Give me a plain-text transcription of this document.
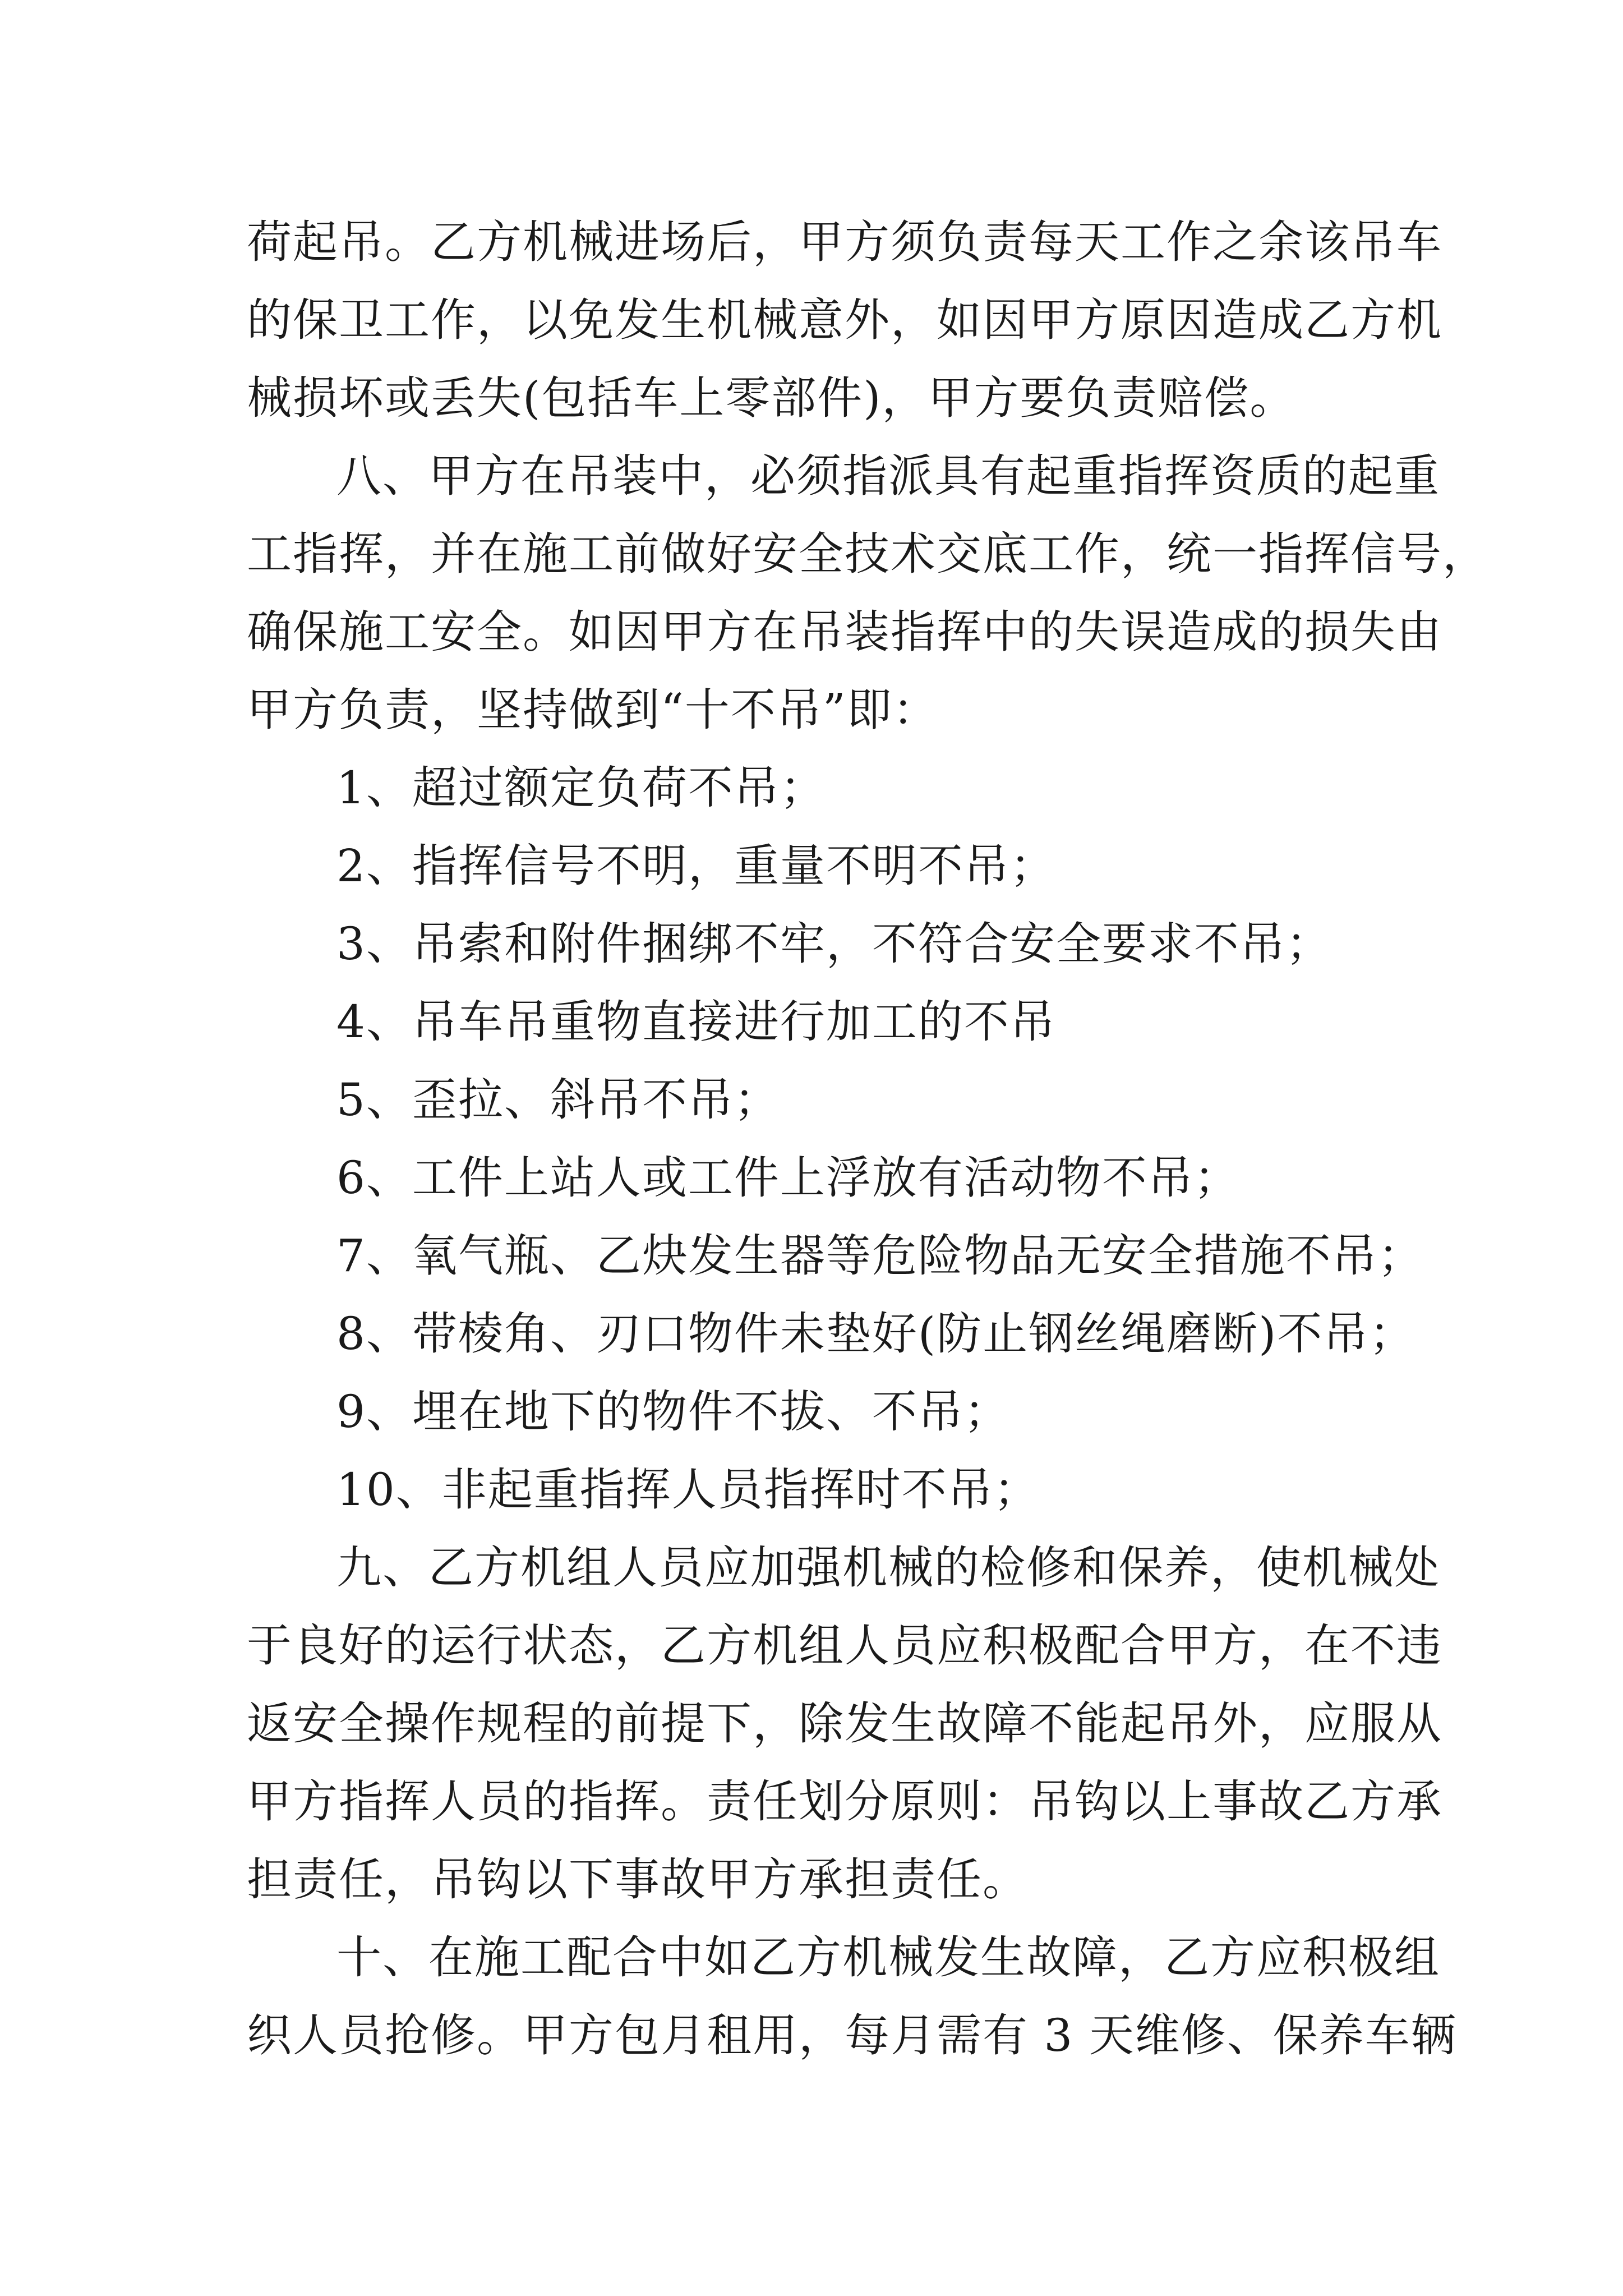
荷起吊。乙方机械进场后，甲方须负责每天工作之余该吊车
的保卫工作，以免发生机械意外，如因甲方原因造成乙方机
械损坏或丢失(包括车上零部件)，甲方要负责赔偿。
八、甲方在吊装中，必须指派具有起重指挥资质的起重
工指挥，并在施工前做好安全技术交底工作，统一指挥信号，
确保施工安全。如因甲方在吊装指挥中的失误造成的损失由
甲方负责，坚持做到“十不吊”即：
1、超过额定负荷不吊；
2、指挥信号不明，重量不明不吊；
3、吊索和附件捆绑不牢，不符合安全要求不吊；
4、吊车吊重物直接进行加工的不吊
5、歪拉、斜吊不吊；
6、工件上站人或工件上浮放有活动物不吊；
7、氧气瓶、乙炔发生器等危险物品无安全措施不吊；
8、带棱角、刃口物件未垫好(防止钢丝绳磨断)不吊；
9、埋在地下的物件不拔、不吊；
10、非起重指挥人员指挥时不吊；
九、乙方机组人员应加强机械的检修和保养，使机械处
于良好的运行状态，乙方机组人员应积极配合甲方，在不违
返安全操作规程的前提下，除发生故障不能起吊外，应服从
甲方指挥人员的指挥。责任划分原则：吊钩以上事故乙方承
担责任，吊钩以下事故甲方承担责任。
十、在施工配合中如乙方机械发生故障，乙方应积极组
织人员抢修。甲方包月租用，每月需有 3 天维修、保养车辆
